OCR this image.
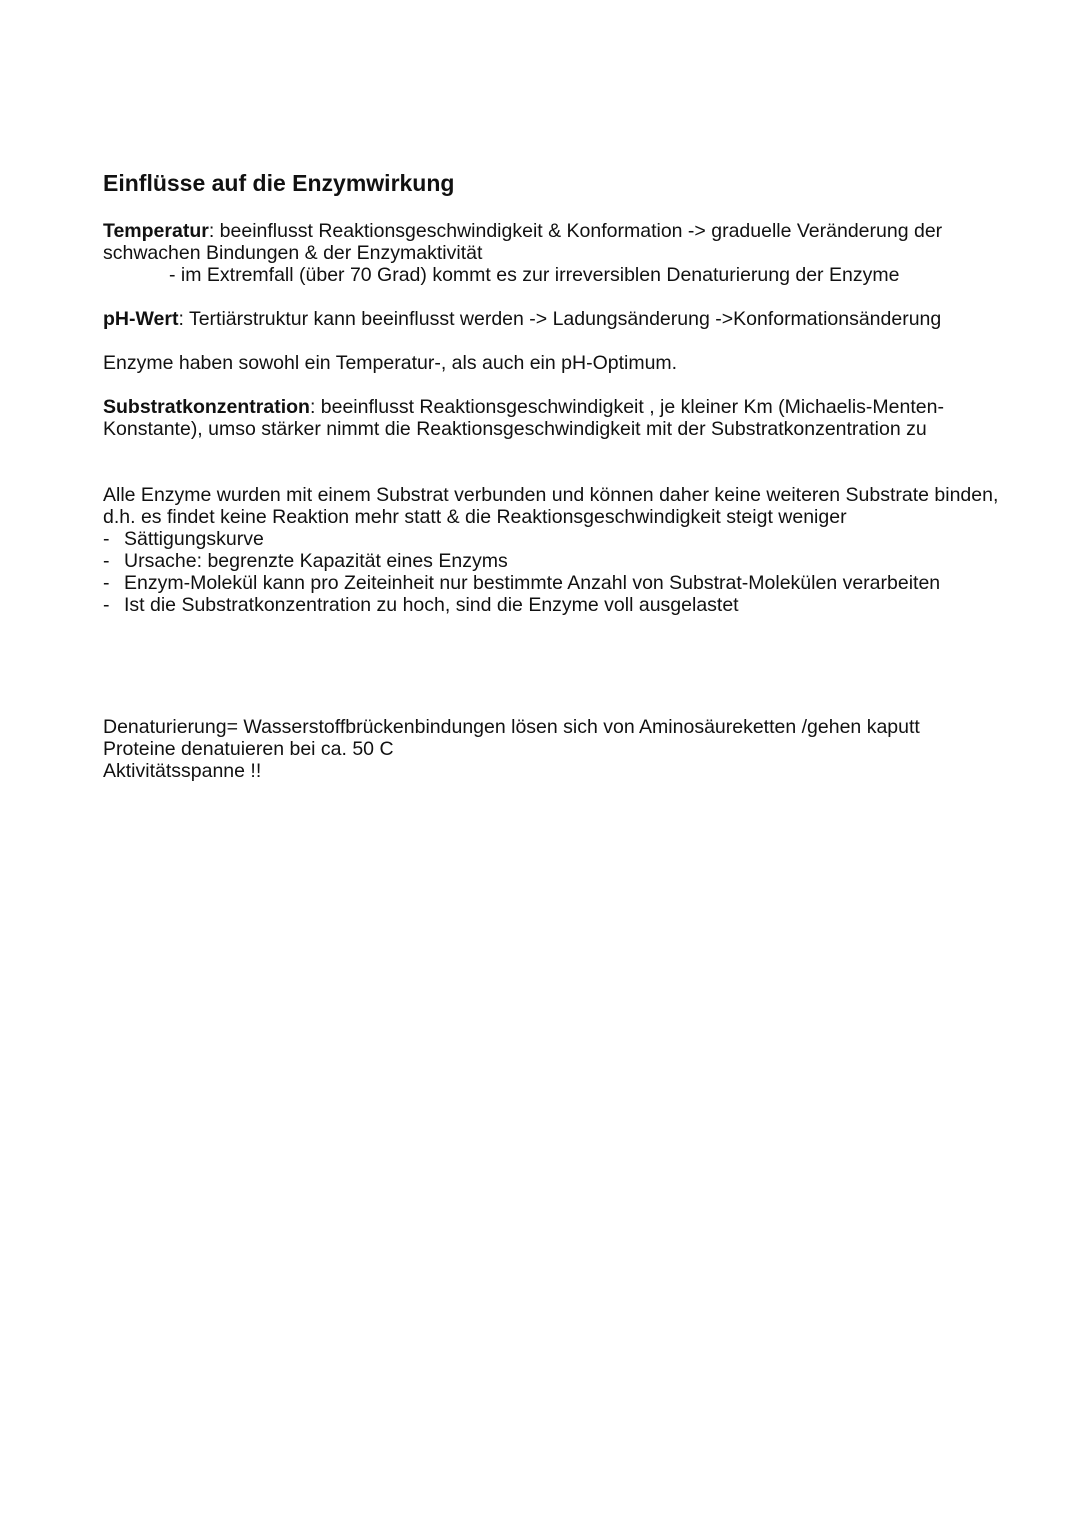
Einflüsse auf die Enzymwirkung

Temperatur: beeinflusst Reaktionsgeschwindigkeit & Konformation -> graduelle Veränderung der schwachen Bindungen & der Enzymaktivität

- im Extremfall (über 70 Grad) kommt es zur irreversiblen Denaturierung der Enzyme

pH-Wert: Tertiärstruktur kann beeinflusst werden -> Ladungsänderung ->Konformationsänderung

Enzyme haben sowohl ein Temperatur-, als auch ein pH-Optimum.

Substratkonzentration: beeinflusst Reaktionsgeschwindigkeit , je kleiner Km (Michaelis-Menten-Konstante), umso stärker nimmt die Reaktionsgeschwindigkeit mit der Substratkonzentration zu

Alle Enzyme wurden mit einem Substrat verbunden und können daher keine weiteren Substrate binden, d.h. es findet keine Reaktion mehr statt & die Reaktionsgeschwindigkeit steigt weniger

- Sättigungskurve
- Ursache: begrenzte Kapazität eines Enzyms
- Enzym-Molekül kann pro Zeiteinheit nur bestimmte Anzahl von Substrat-Molekülen verarbeiten
- Ist die Substratkonzentration zu hoch, sind die Enzyme voll ausgelastet

Denaturierung= Wasserstoffbrückenbindungen lösen sich von Aminosäureketten /gehen kaputt

Proteine denatuieren bei ca. 50 C

Aktivitätsspanne !!
